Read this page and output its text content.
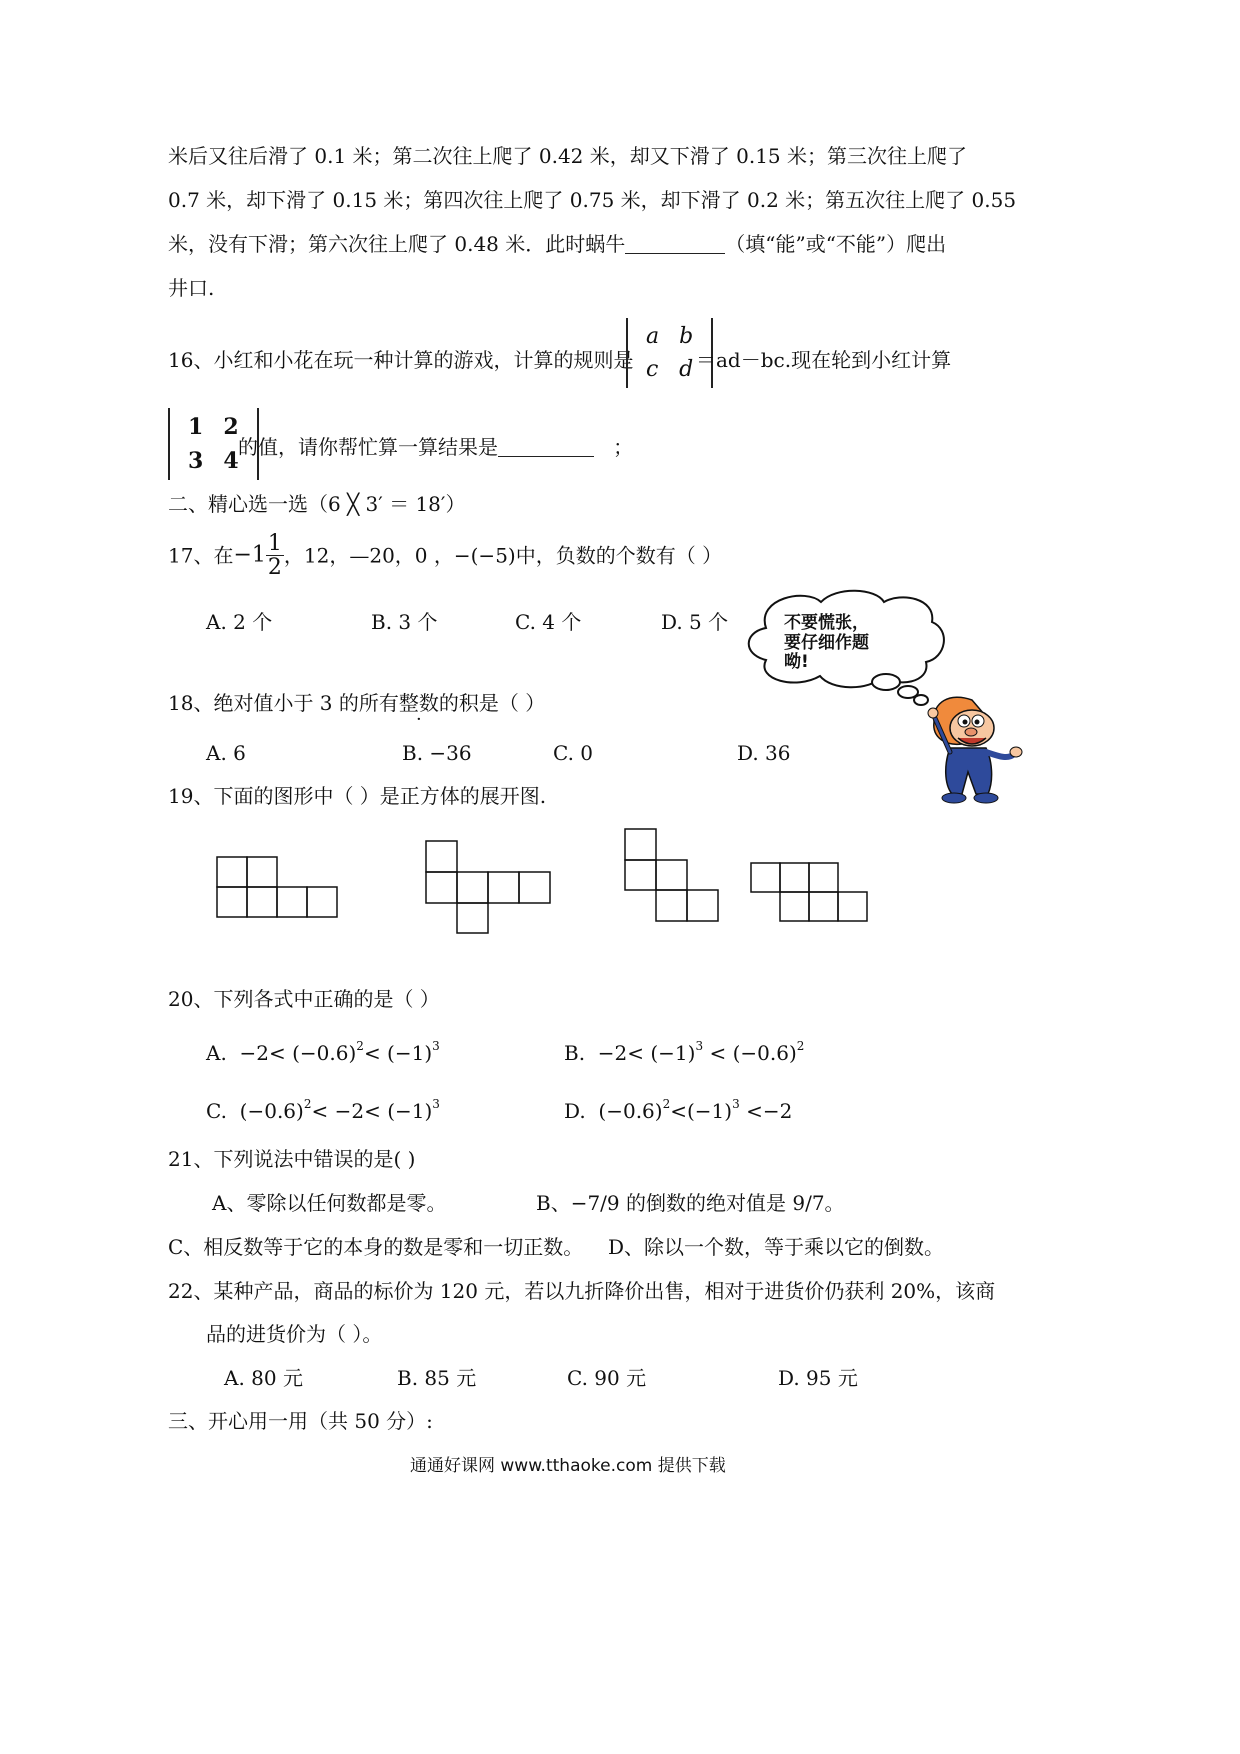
米后又往后滑了 0.1 米；第二次往上爬了 0.42 米，却又下滑了 0.15 米；第三次往上爬了
0.7 米，却下滑了 0.15 米；第四次往上爬了 0.75 米，却下滑了 0.2 米；第五次往上爬了 0.55
米，没有下滑；第六次往上爬了 0.48 米．此时蜗牛	（填“能”或“不能”）爬出
井口.
16、小红和小花在玩一种计算的游戏，计算的规则是
a	b
c	d ＝ad－bc.现在轮到小红计算
1	2
3	4
的值，请你帮忙算一算结果是	；
二、精心选一选（6 ╳ 3′ ＝ 18′）
17、在$-1 \frac{1}{2}$ ，12，—20，0 ，−(−5)中，负数的个数有（ ）
A. 2 个	B. 3 个	C. 4 个	D. 5 个	不要慌张，
要仔细作题
呦!
18、绝对值小于 3 的所有整数的积是（ ）
A. 6	B. −36	C. 0	D. 36
19、下面的图形中（ ）是正方体的展开图.
20、下列各式中正确的是（ ）
A.  $-2< (-0.6)^2< (-1)^3$	B.  $-2< (-1)^3 < (-0.6)^2$
C.  $(-0.6)^2< -2< (-1)^3$	D.  $(-0.6)^2<(-1)^3 <-2$
21、下列说法中错误的是( )
A、零除以任何数都是零。	B、−7/9 的倒数的绝对值是 9/7。
C、相反数等于它的本身的数是零和一切正数。 D、除以一个数，等于乘以它的倒数。
22、某种产品，商品的标价为 120 元，若以九折降价出售，相对于进货价仍获利 20%，该商
品的进货价为（ ）。
A. 80 元	B. 85 元	C. 90 元	D. 95 元
三、开心用一用（共 50 分）:
通通好课网 www.tthaoke.com 提供下载
